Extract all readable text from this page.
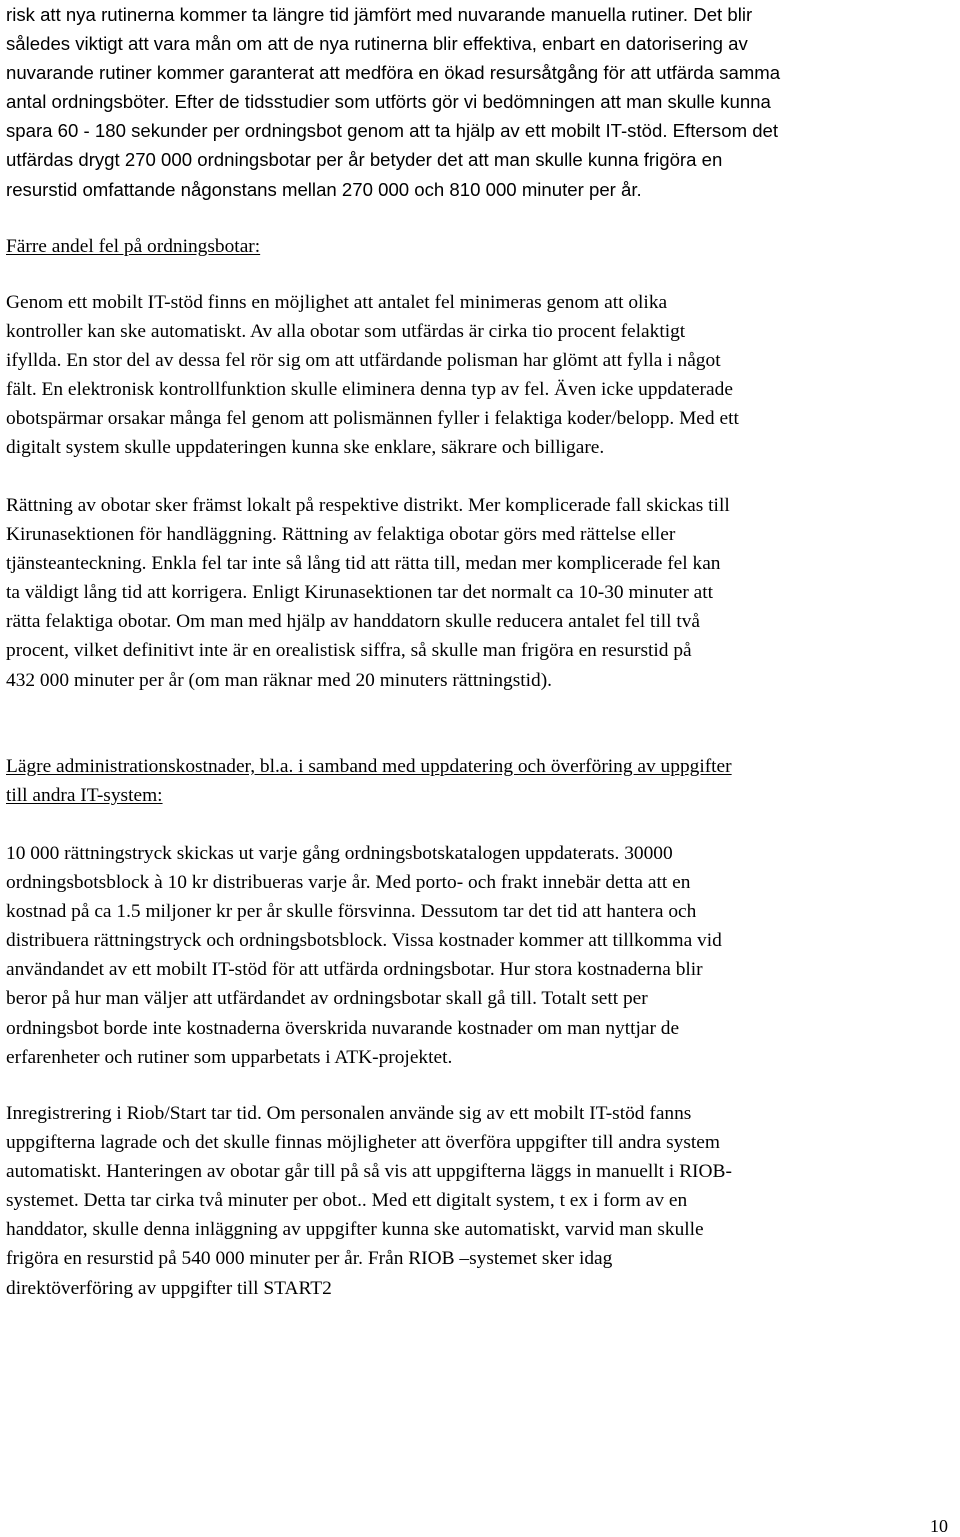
risk att nya rutinerna kommer ta längre tid jämfört med nuvarande manuella rutiner. Det blir
således viktigt att vara mån om att de nya rutinerna blir effektiva, enbart en datorisering av
nuvarande rutiner kommer garanterat att medföra en ökad resursåtgång för att utfärda samma
antal ordningsböter. Efter de tidsstudier som utförts gör vi bedömningen att man skulle kunna
spara 60 - 180 sekunder per ordningsbot genom att ta hjälp av ett mobilt IT-stöd. Eftersom det
utfärdas drygt 270 000 ordningsbotar per år betyder det att man skulle kunna frigöra en
resurstid omfattande någonstans mellan 270 000 och 810 000 minuter per år.
Färre andel fel på ordningsbotar:
Genom ett mobilt IT-stöd finns en möjlighet att antalet fel minimeras genom att olika
kontroller kan ske automatiskt. Av alla obotar som utfärdas är cirka tio procent felaktigt
ifyllda. En stor del av dessa fel rör sig om att utfärdande polisman har glömt att fylla i något
fält. En elektronisk kontrollfunktion skulle eliminera denna typ av fel. Även icke uppdaterade
obotspärmar orsakar många fel genom att polismännen fyller i felaktiga koder/belopp. Med ett
digitalt system skulle uppdateringen kunna ske enklare, säkrare och billigare.
Rättning av obotar sker främst lokalt på respektive distrikt. Mer komplicerade fall skickas till
Kirunasektionen för handläggning. Rättning av felaktiga obotar görs med rättelse eller
tjänsteanteckning. Enkla fel tar inte så lång tid att rätta till, medan mer komplicerade fel kan
ta väldigt lång tid att korrigera. Enligt Kirunasektionen tar det normalt ca 10-30 minuter att
rätta felaktiga obotar. Om man med hjälp av handdatorn skulle reducera antalet fel till två
procent, vilket definitivt inte är en orealistisk siffra, så skulle man frigöra en resurstid på
432 000 minuter per år (om man räknar med 20 minuters rättningstid).
Lägre administrationskostnader, bl.a. i samband med uppdatering och överföring av uppgifter
till andra IT-system:
10 000 rättningstryck skickas ut varje gång ordningsbotskatalogen uppdaterats. 30000
ordningsbotsblock à 10 kr distribueras varje år. Med porto- och frakt innebär detta att en
kostnad på ca 1.5 miljoner kr per år skulle försvinna. Dessutom tar det tid att hantera och
distribuera rättningstryck och ordningsbotsblock. Vissa kostnader kommer att tillkomma vid
användandet av ett mobilt IT-stöd för att utfärda ordningsbotar. Hur stora kostnaderna blir
beror på hur man väljer att utfärdandet av ordningsbotar skall gå till. Totalt sett per
ordningsbot borde inte kostnaderna överskrida nuvarande kostnader om man nyttjar de
erfarenheter och rutiner som upparbetats i ATK-projektet.
Inregistrering i Riob/Start tar tid. Om personalen använde sig av ett mobilt IT-stöd fanns
uppgifterna lagrade och det skulle finnas möjligheter att överföra uppgifter till andra system
automatiskt. Hanteringen av obotar går till på så vis att uppgifterna läggs in manuellt i RIOB-
systemet. Detta tar cirka två minuter per obot.. Med ett digitalt system, t ex i form av en
handdator, skulle denna inläggning av uppgifter kunna ske automatiskt, varvid man skulle
frigöra en resurstid på 540 000 minuter per år. Från RIOB –systemet sker idag
direktöverföring av uppgifter till START2
10
